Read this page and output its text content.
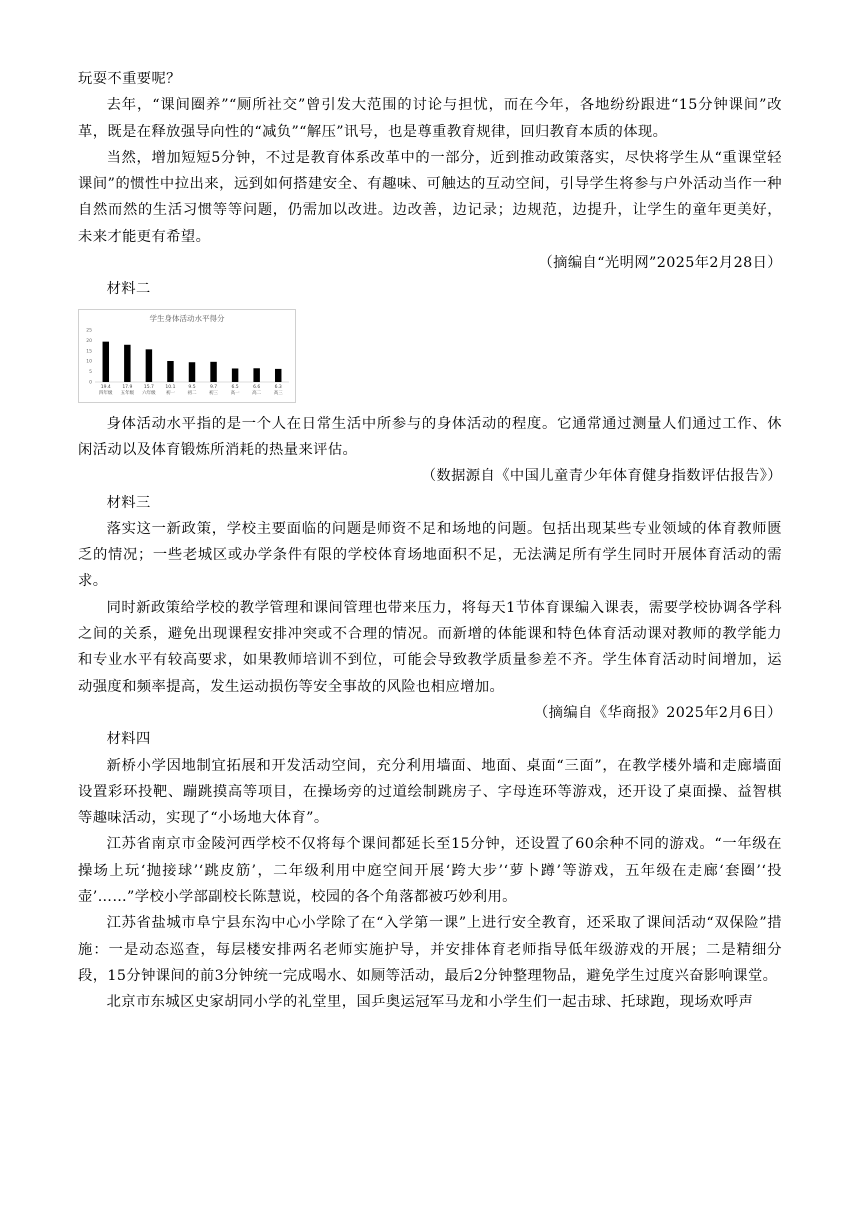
玩耍不重要呢？

去年，“课间圈养”“厕所社交”曾引发大范围的讨论与担忧，而在今年，各地纷纷跟进“15分钟课间”改革，既是在释放强导向性的“减负”“解压”讯号，也是尊重教育规律，回归教育本质的体现。

当然，增加短短5分钟，不过是教育体系改革中的一部分，近到推动政策落实，尽快将学生从“重课堂轻课间”的惯性中拉出来，远到如何搭建安全、有趣味、可触达的互动空间，引导学生将参与户外活动当作一种自然而然的生活习惯等等问题，仍需加以改进。边改善，边记录；边规范，边提升，让学生的童年更美好，未来才能更有希望。

（摘编自“光明网”2025年2月28日）

材料二

学生身体活动水平得分
25
20
15
10
5
0
19.4
四年级
17.9
五年级
15.7
六年级
10.1
初一
9.5
初二
9.7
初三
6.5
高一
6.6
高二
6.3
高三

身体活动水平指的是一个人在日常生活中所参与的身体活动的程度。它通常通过测量人们通过工作、休闲活动以及体育锻炼所消耗的热量来评估。

（数据源自《中国儿童青少年体育健身指数评估报告》）

材料三

落实这一新政策，学校主要面临的问题是师资不足和场地的问题。包括出现某些专业领域的体育教师匮乏的情况；一些老城区或办学条件有限的学校体育场地面积不足，无法满足所有学生同时开展体育活动的需求。

同时新政策给学校的教学管理和课间管理也带来压力，将每天1节体育课编入课表，需要学校协调各学科之间的关系，避免出现课程安排冲突或不合理的情况。而新增的体能课和特色体育活动课对教师的教学能力和专业水平有较高要求，如果教师培训不到位，可能会导致教学质量参差不齐。学生体育活动时间增加，运动强度和频率提高，发生运动损伤等安全事故的风险也相应增加。

（摘编自《华商报》2025年2月6日）

材料四

新桥小学因地制宜拓展和开发活动空间，充分利用墙面、地面、桌面“三面”，在教学楼外墙和走廊墙面设置彩环投靶、蹦跳摸高等项目，在操场旁的过道绘制跳房子、字母连环等游戏，还开设了桌面操、益智棋等趣味活动，实现了“小场地大体育”。

江苏省南京市金陵河西学校不仅将每个课间都延长至15分钟，还设置了60余种不同的游戏。“一年级在操场上玩‘抛接球’‘跳皮筋’，二年级利用中庭空间开展‘跨大步’‘萝卜蹲’等游戏，五年级在走廊‘套圈’‘投壶’……”学校小学部副校长陈慧说，校园的各个角落都被巧妙利用。

江苏省盐城市阜宁县东沟中心小学除了在“入学第一课”上进行安全教育，还采取了课间活动“双保险”措施：一是动态巡查，每层楼安排两名老师实施护导，并安排体育老师指导低年级游戏的开展；二是精细分段，15分钟课间的前3分钟统一完成喝水、如厕等活动，最后2分钟整理物品，避免学生过度兴奋影响课堂。

北京市东城区史家胡同小学的礼堂里，国乒奥运冠军马龙和小学生们一起击球、托球跑，现场欢呼声
